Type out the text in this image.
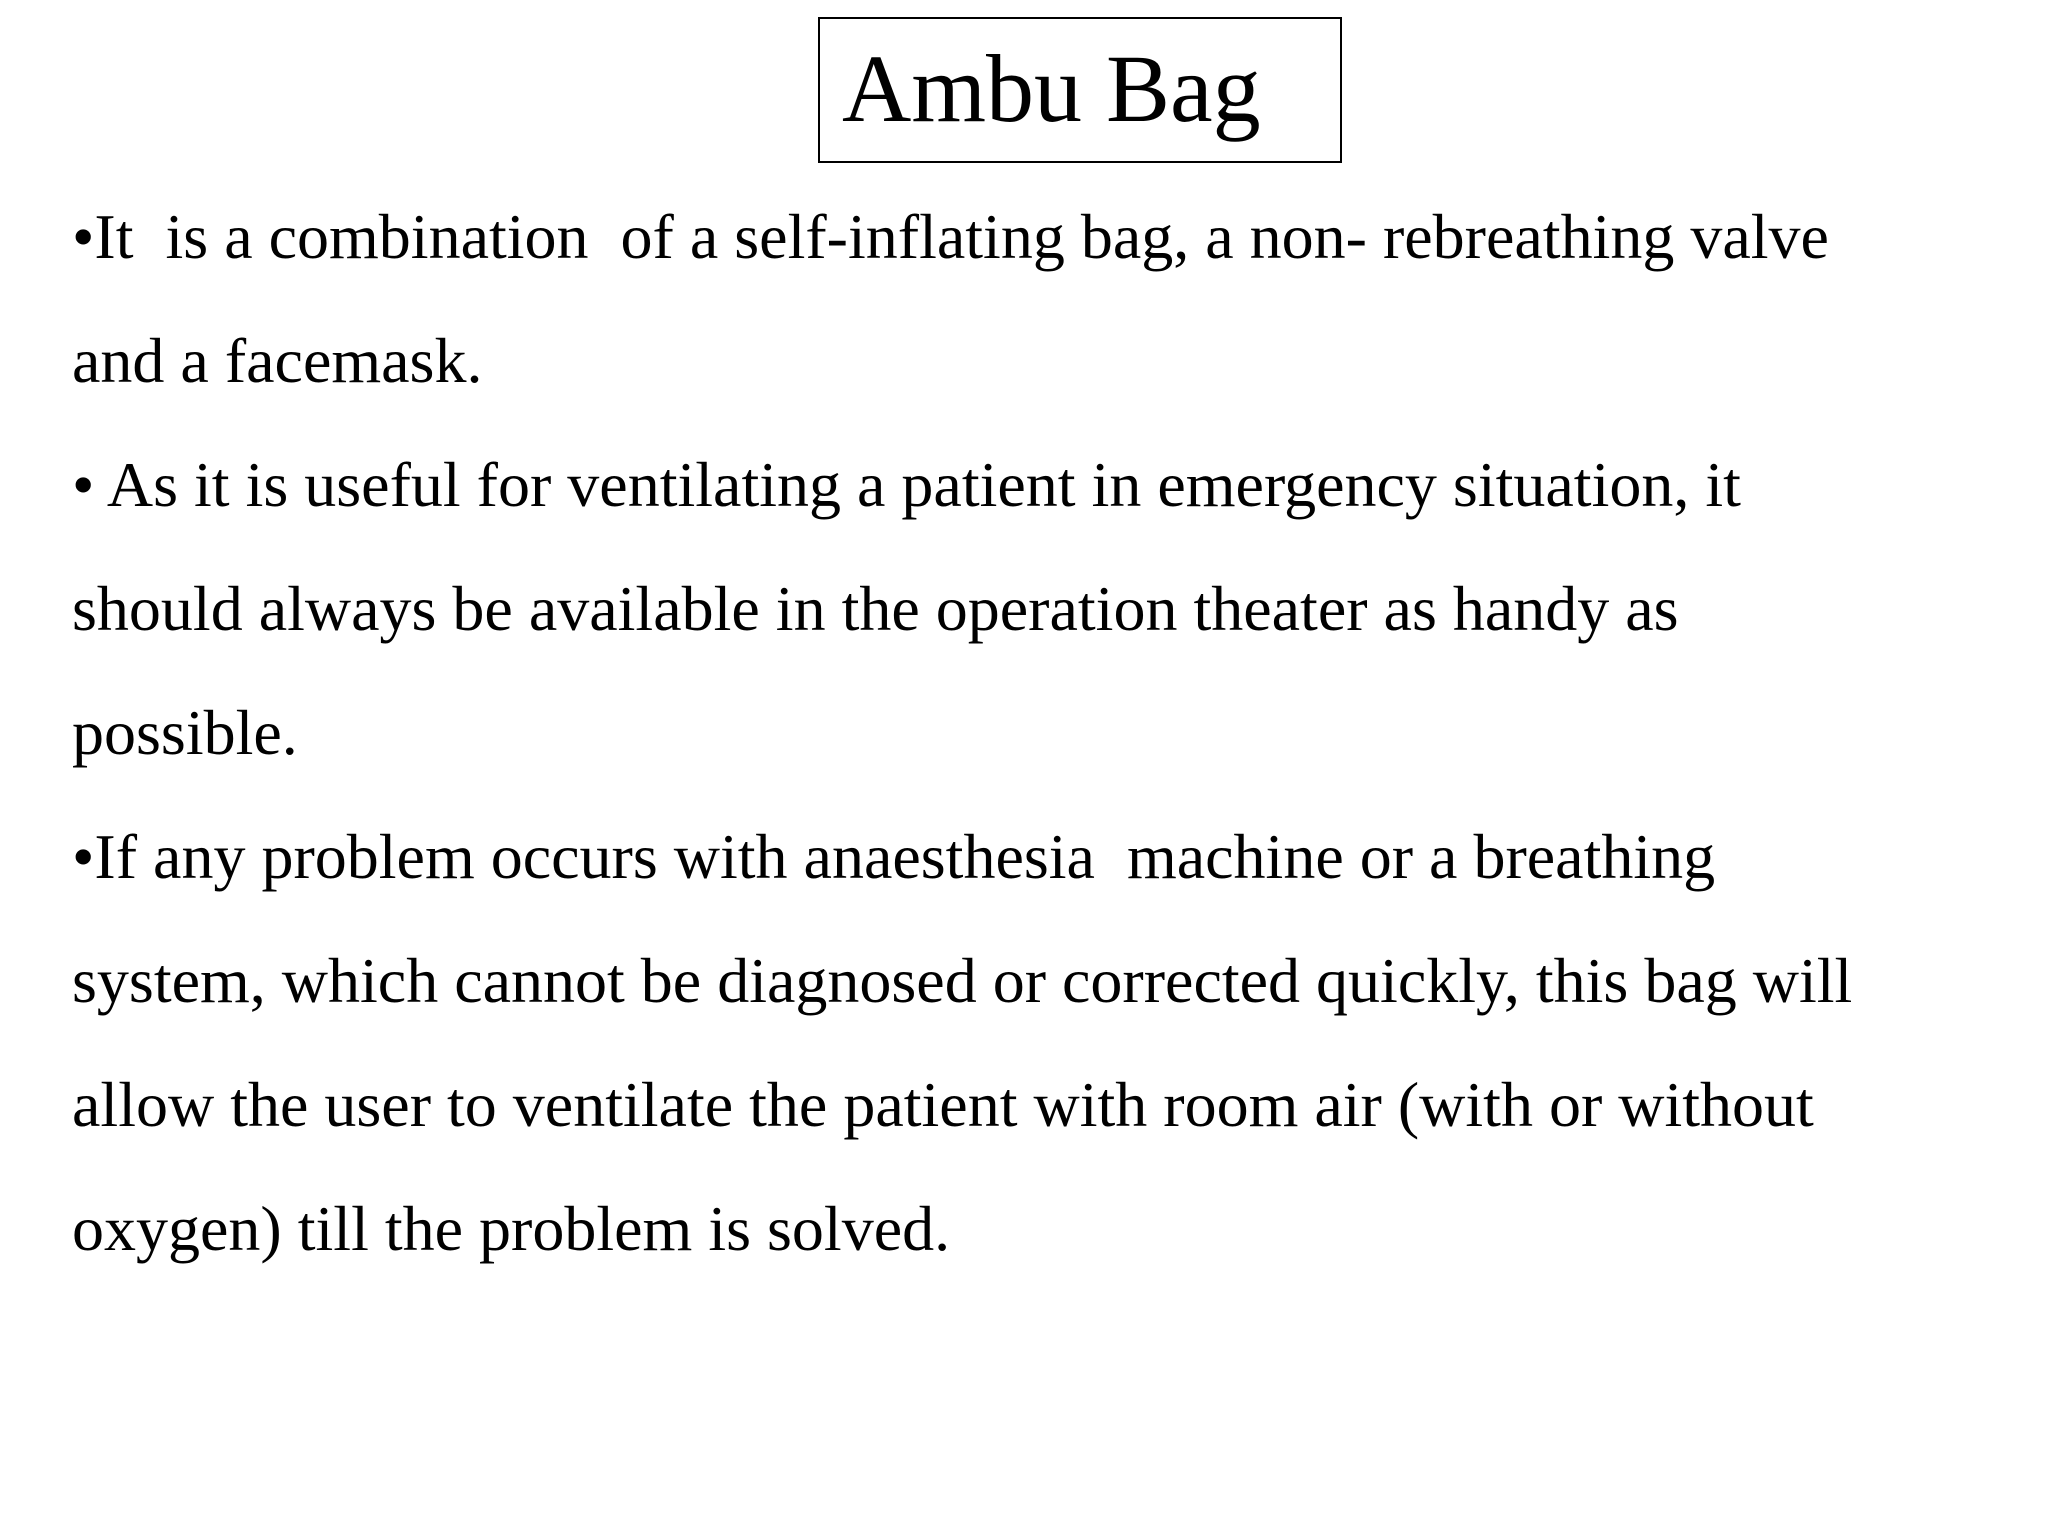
Ambu Bag
•It  is a combination  of a self-inflating bag, a non- rebreathing valve
and a facemask.
• As it is useful for ventilating a patient in emergency situation, it
should always be available in the operation theater as handy as
possible.
•If any problem occurs with anaesthesia  machine or a breathing
system, which cannot be diagnosed or corrected quickly, this bag will
allow the user to ventilate the patient with room air (with or without
oxygen) till the problem is solved.
